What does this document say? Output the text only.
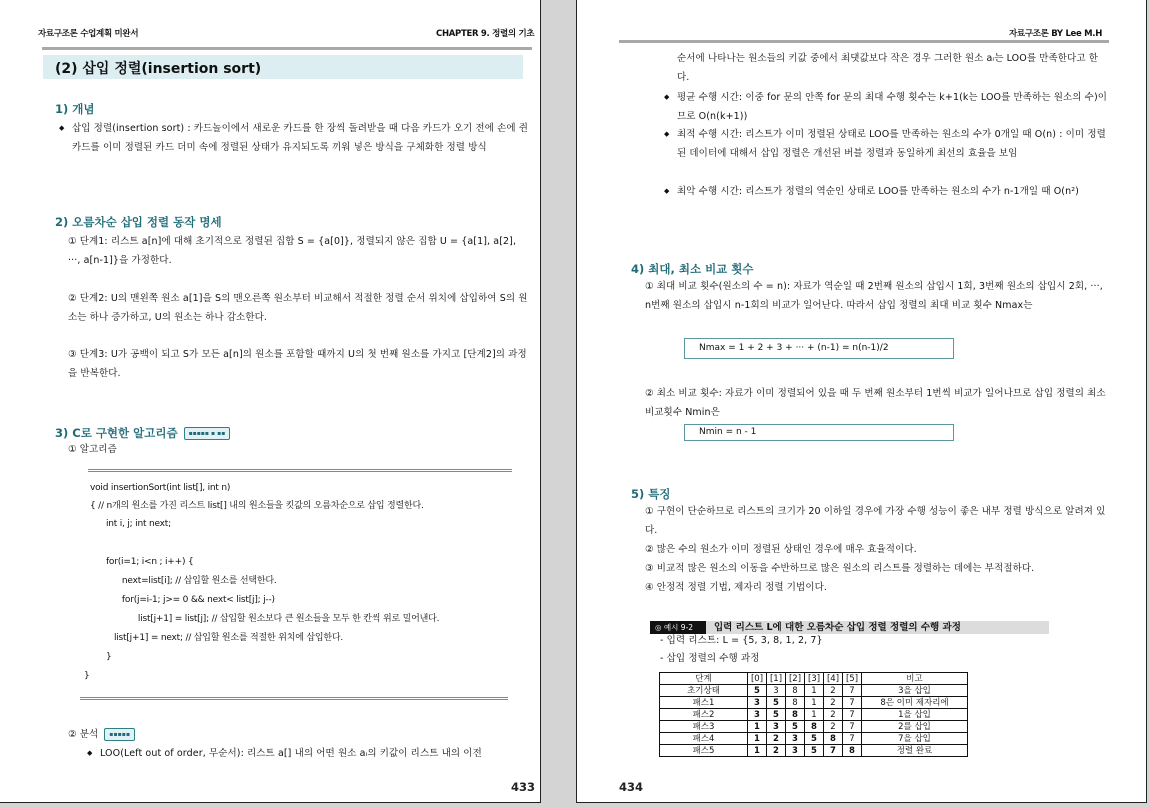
자료구조론 수업계획 미완서	CHAPTER 9. 정렬의 기초
(2) 삽입 정렬(insertion sort)
1) 개념
◆ 삽입 정렬(insertion sort) : 카드놀이에서 새로운 카드를 한 장씩 돌려받을 때 다음 카드가 오기 전에 손에 쥔 카드를 이미 정렬된 카드 더미 속에 정렬된 상태가 유지되도록 끼워 넣은 방식을 구체화한 정렬 방식
2) 오름차순 삽입 정렬 동작 명세
① 단계1: 리스트 a[n]에 대해 초기적으로 정렬된 집합 S = {a[0]}, 정렬되지 않은 집합 U = {a[1], a[2], ···, a[n-1]}을 가정한다.
② 단계2: U의 맨왼쪽 원소 a[1]을 S의 맨오른쪽 원소부터 비교해서 적절한 정렬 순서 위치에 삽입하여 S의 원소는 하나 증가하고, U의 원소는 하나 감소한다.
③ 단계3: U가 공백이 되고 S가 모든 a[n]의 원소를 포함할 때까지 U의 첫 번째 원소를 가지고 [단계2]의 과정을 반복한다.
3) C로 구현한 알고리즘 ▪▪▪▪▪ ▪ ▪▪
① 알고리즘
void insertionSort(int list[], int n)
{ // n개의 원소를 가진 리스트 list[] 내의 원소들을 킷값의 오름차순으로 삽입 정렬한다.
int i, j; int next;
for(i=1; i<n ; i++) {
next=list[i]; // 삽입할 원소를 선택한다.
for(j=i-1; j>= 0 && next< list[j]; j--)
list[j+1] = list[j]; // 삽입할 원소보다 큰 원소들을 모두 한 칸씩 위로 밀어낸다.
list[j+1] = next; // 삽입할 원소를 적절한 위치에 삽입한다.
}
}
② 분석 ▪▪▪▪▪
◆ LOO(Left out of order, 무순서): 리스트 a[] 내의 어떤 원소 aᵢ의 키값이 리스트 내의 이전
433
자료구조론 BY Lee M.H
순서에 나타나는 원소들의 키값 중에서 최댓값보다 작은 경우 그러한 원소 aᵢ는 LOO를 만족한다고 한다.
◆ 평균 수행 시간: 이중 for 문의 안쪽 for 문의 최대 수행 횟수는 k+1(k는 LOO를 만족하는 원소의 수)이므로 O(n(k+1))
◆ 최적 수행 시간: 리스트가 이미 정렬된 상태로 LOO를 만족하는 원소의 수가 0개일 때 O(n) : 이미 정렬된 데이터에 대해서 삽입 정렬은 개선된 버블 정렬과 동일하게 최선의 효율을 보임
◆ 최악 수행 시간: 리스트가 정렬의 역순인 상태로 LOO를 만족하는 원소의 수가 n-1개일 때 O(n²)
4) 최대, 최소 비교 횟수
① 최대 비교 횟수(원소의 수 = n): 자료가 역순일 때 2번째 원소의 삽입시 1회, 3번째 원소의 삽입시 2회, ···, n번째 원소의 삽입시 n-1회의 비교가 일어난다. 따라서 삽입 정렬의 최대 비교 횟수 Nmax는
Nmax = 1 + 2 + 3 + ··· + (n-1) = n(n-1)/2
② 최소 비교 횟수: 자료가 이미 정렬되어 있을 때 두 번째 원소부터 1번씩 비교가 일어나므로 삽입 정렬의 최소 비교횟수 Nmin은
Nmin = n - 1
5) 특징
① 구현이 단순하므로 리스트의 크기가 20 이하일 경우에 가장 수행 성능이 좋은 내부 정렬 방식으로 알려져 있다.
② 많은 수의 원소가 이미 정렬된 상태인 경우에 매우 효율적이다.
③ 비교적 많은 원소의 이동을 수반하므로 많은 원소의 리스트를 정렬하는 데에는 부적절하다.
④ 안정적 정렬 기법, 제자리 정렬 기법이다.
434
◎ 예시 9-2	입력 리스트 L에 대한 오름차순 삽입 정렬 정렬의 수행 과정
- 입력 리스트: L = {5, 3, 8, 1, 2, 7}
- 삽입 정렬의 수행 과정
단계	[0]	[1]	[2]	[3]	[4]	[5]	비고
초기상태	5	3	8	1	2	7	3을 삽입
패스1	3	5	8	1	2	7	8은 이미 제자리에
패스2	3	5	8	1	2	7	1을 삽입
패스3	1	3	5	8	2	7	2를 삽입
패스4	1	2	3	5	8	7	7을 삽입
패스5	1	2	3	5	7	8	정렬 완료
